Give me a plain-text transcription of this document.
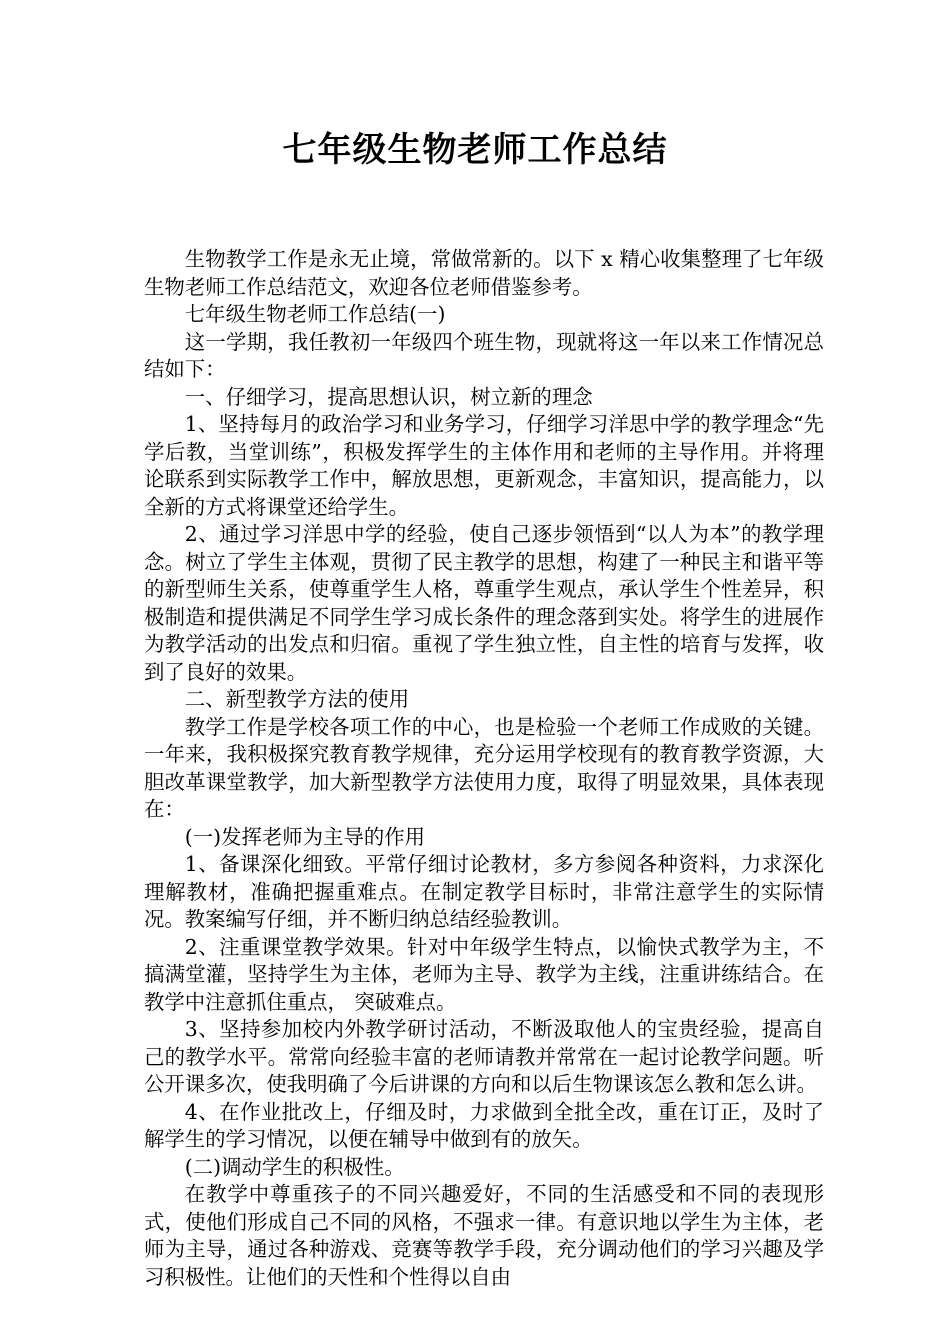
七年级生物老师工作总结

生物教学工作是永无止境，常做常新的。以下 x 精心收集整理了七年级生物老师工作总结范文，欢迎各位老师借鉴参考。

七年级生物老师工作总结(一)

这一学期，我任教初一年级四个班生物，现就将这一年以来工作情况总结如下：

一、仔细学习，提高思想认识，树立新的理念

1、坚持每月的政治学习和业务学习，仔细学习洋思中学的教学理念“先学后教，当堂训练”，积极发挥学生的主体作用和老师的主导作用。并将理论联系到实际教学工作中，解放思想，更新观念，丰富知识，提高能力，以全新的方式将课堂还给学生。

2、通过学习洋思中学的经验，使自己逐步领悟到“以人为本”的教学理念。树立了学生主体观，贯彻了民主教学的思想，构建了一种民主和谐平等的新型师生关系，使尊重学生人格，尊重学生观点，承认学生个性差异，积极制造和提供满足不同学生学习成长条件的理念落到实处。将学生的进展作为教学活动的出发点和归宿。重视了学生独立性，自主性的培育与发挥，收到了良好的效果。

二、新型教学方法的使用

教学工作是学校各项工作的中心，也是检验一个老师工作成败的关键。一年来，我积极探究教育教学规律，充分运用学校现有的教育教学资源，大胆改革课堂教学，加大新型教学方法使用力度，取得了明显效果，具体表现在：

(一)发挥老师为主导的作用

1、备课深化细致。平常仔细讨论教材，多方参阅各种资料，力求深化理解教材，准确把握重难点。在制定教学目标时，非常注意学生的实际情况。教案编写仔细，并不断归纳总结经验教训。

2、注重课堂教学效果。针对中年级学生特点，以愉快式教学为主，不搞满堂灌，坚持学生为主体，老师为主导、教学为主线，注重讲练结合。在教学中注意抓住重点， 突破难点。

3、坚持参加校内外教学研讨活动，不断汲取他人的宝贵经验，提高自己的教学水平。常常向经验丰富的老师请教并常常在一起讨论教学问题。听公开课多次，使我明确了今后讲课的方向和以后生物课该怎么教和怎么讲。

4、在作业批改上，仔细及时，力求做到全批全改，重在订正，及时了解学生的学习情况，以便在辅导中做到有的放矢。

(二)调动学生的积极性。

在教学中尊重孩子的不同兴趣爱好，不同的生活感受和不同的表现形式，使他们形成自己不同的风格，不强求一律。有意识地以学生为主体，老师为主导，通过各种游戏、竞赛等教学手段，充分调动他们的学习兴趣及学习积极性。让他们的天性和个性得以自由
